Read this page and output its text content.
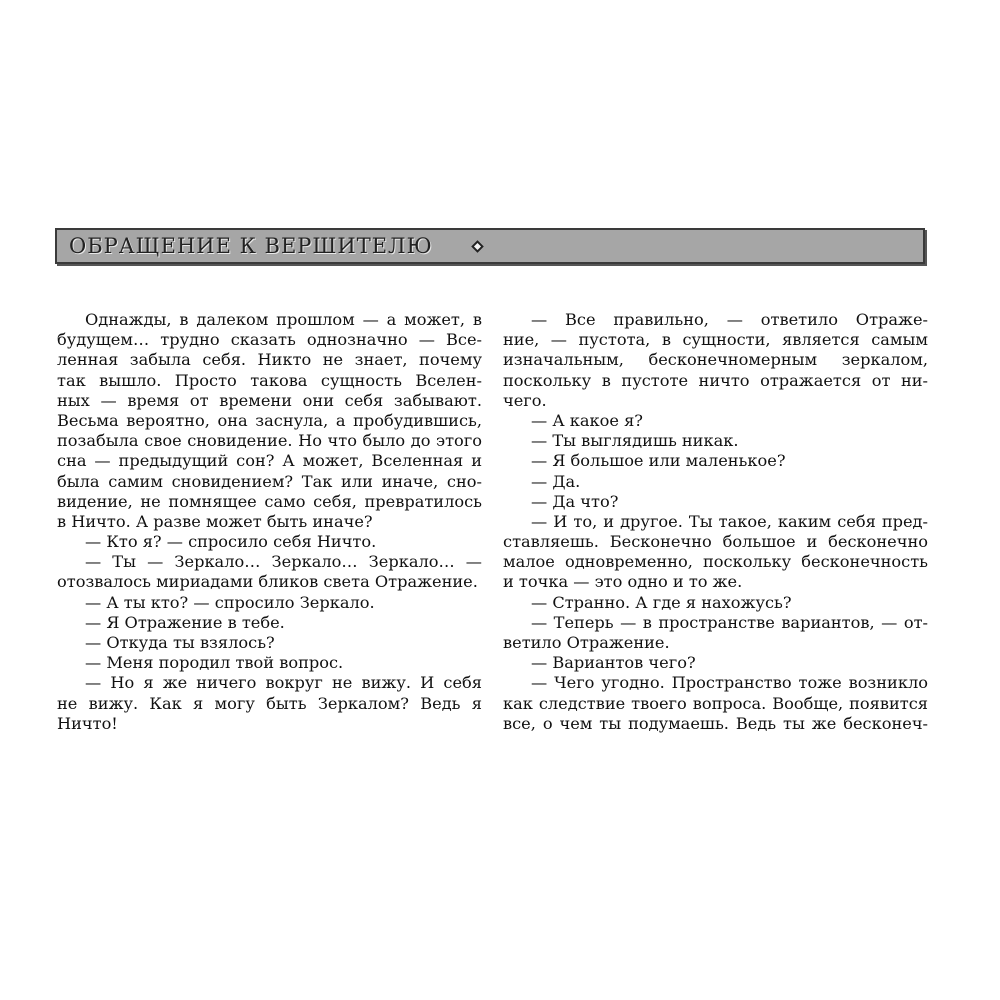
ОБРАЩЕНИЕ К ВЕРШИТЕЛЮ
Однажды, в далеком прошлом — а может, в
будущем… трудно сказать однозначно — Все-
ленная забыла себя. Никто не знает, почему
так вышло. Просто такова сущность Вселен-
ных — время от времени они себя забывают.
Весьма вероятно, она заснула, а пробудившись,
позабыла свое сновидение. Но что было до этого
сна — предыдущий сон? А может, Вселенная и
была самим сновидением? Так или иначе, сно-
видение, не помнящее само себя, превратилось
в Ничто. А разве может быть иначе?
— Кто я? — спросило себя Ничто.
— Ты — Зеркало… Зеркало… Зеркало… —
отозвалось мириадами бликов света Отражение.
— А ты кто? — спросило Зеркало.
— Я Отражение в тебе.
— Откуда ты взялось?
— Меня породил твой вопрос.
— Но я же ничего вокруг не вижу. И себя
не вижу. Как я могу быть Зеркалом? Ведь я
Ничто!
— Все правильно, — ответило Отраже-
ние, — пустота, в сущности, является самым
изначальным, бесконечномерным зеркалом,
поскольку в пустоте ничто отражается от ни-
чего.
— А какое я?
— Ты выглядишь никак.
— Я большое или маленькое?
— Да.
— Да что?
— И то, и другое. Ты такое, каким себя пред-
ставляешь. Бесконечно большое и бесконечно
малое одновременно, поскольку бесконечность
и точка — это одно и то же.
— Странно. А где я нахожусь?
— Теперь — в пространстве вариантов, — от-
ветило Отражение.
— Вариантов чего?
— Чего угодно. Пространство тоже возникло
как следствие твоего вопроса. Вообще, появится
все, о чем ты подумаешь. Ведь ты же бесконеч-
